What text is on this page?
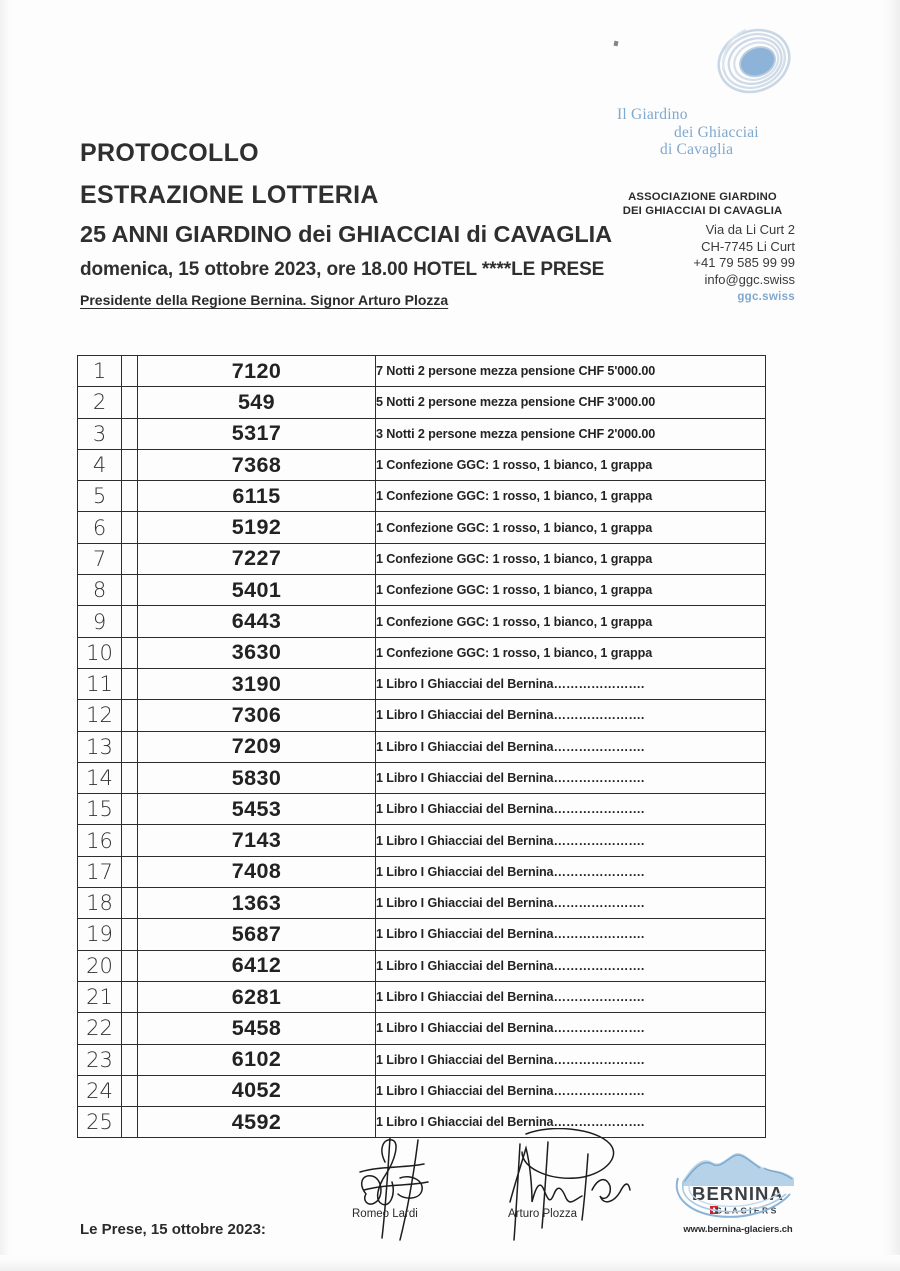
Il Giardino
dei Ghiacciai
di Cavaglia
ASSOCIAZIONE GIARDINO
DEI GHIACCIAI DI CAVAGLIA
Via da Li Curt 2
CH-7745 Li Curt
+41 79 585 99 99
info@ggc.swiss
ggc.swiss
PROTOCOLLO
ESTRAZIONE LOTTERIA
25 ANNI GIARDINO dei GHIACCIAI di CAVAGLIA
domenica, 15 ottobre 2023, ore 18.00 HOTEL ****LE PRESE
Presidente della Regione Bernina. Signor Arturo Plozza
1		7120	7 Notti 2 persone mezza pensione CHF 5'000.00
2		549	5 Notti 2 persone mezza pensione CHF 3'000.00
3		5317	3 Notti 2 persone mezza pensione CHF 2'000.00
4		7368	1 Confezione GGC: 1 rosso, 1 bianco, 1 grappa
5		6115	1 Confezione GGC: 1 rosso, 1 bianco, 1 grappa
6		5192	1 Confezione GGC: 1 rosso, 1 bianco, 1 grappa
7		7227	1 Confezione GGC: 1 rosso, 1 bianco, 1 grappa
8		5401	1 Confezione GGC: 1 rosso, 1 bianco, 1 grappa
9		6443	1 Confezione GGC: 1 rosso, 1 bianco, 1 grappa
10		3630	1 Confezione GGC: 1 rosso, 1 bianco, 1 grappa
11		3190	1 Libro I Ghiacciai del Bernina………………….
12		7306	1 Libro I Ghiacciai del Bernina………………….
13		7209	1 Libro I Ghiacciai del Bernina………………….
14		5830	1 Libro I Ghiacciai del Bernina………………….
15		5453	1 Libro I Ghiacciai del Bernina………………….
16		7143	1 Libro I Ghiacciai del Bernina………………….
17		7408	1 Libro I Ghiacciai del Bernina………………….
18		1363	1 Libro I Ghiacciai del Bernina………………….
19		5687	1 Libro I Ghiacciai del Bernina………………….
20		6412	1 Libro I Ghiacciai del Bernina………………….
21		6281	1 Libro I Ghiacciai del Bernina………………….
22		5458	1 Libro I Ghiacciai del Bernina………………….
23		6102	1 Libro I Ghiacciai del Bernina………………….
24		4052	1 Libro I Ghiacciai del Bernina………………….
25		4592	1 Libro I Ghiacciai del Bernina………………….
Le Prese, 15 ottobre 2023:
Romeo Lardi	Arturo Plozza
BERNINA
GLACIERS
www.bernina-glaciers.ch
